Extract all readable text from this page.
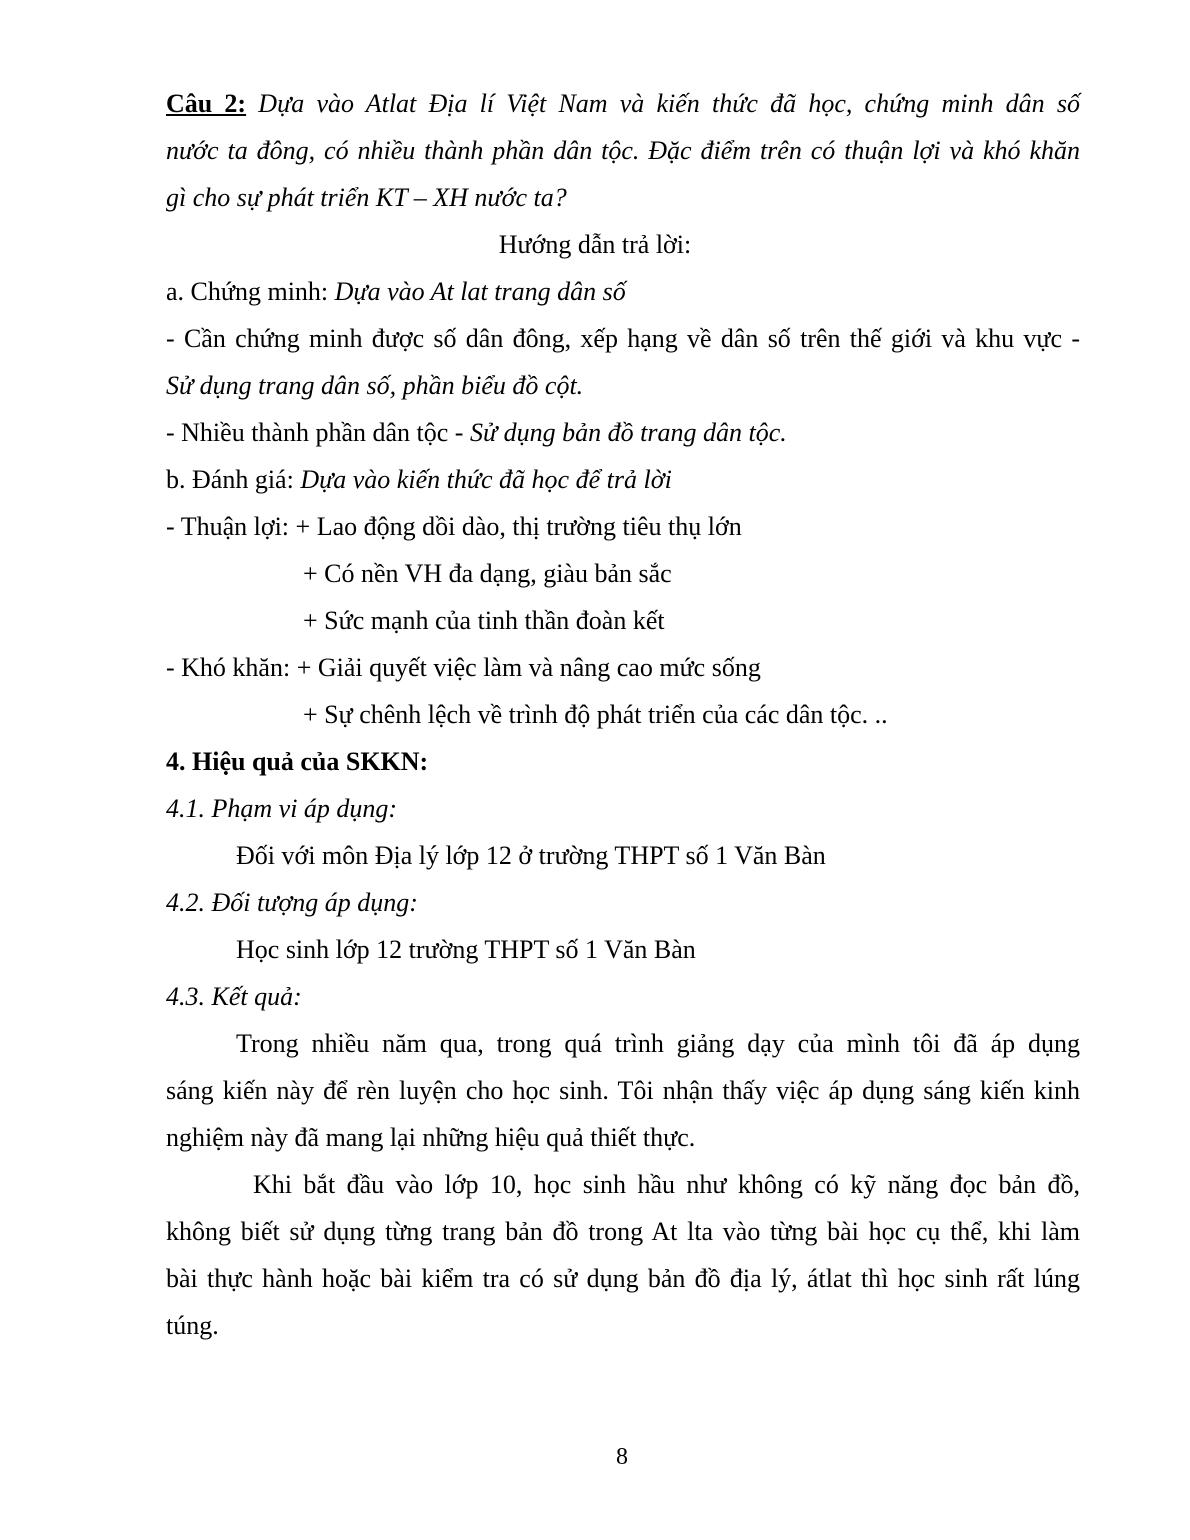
Câu 2: Dựa vào Atlat Địa lí Việt Nam và kiến thức đã học, chứng minh dân số
nước ta đông, có nhiều thành phần dân tộc. Đặc điểm trên có thuận lợi và khó khăn
gì cho sự phát triển KT – XH nước ta?
Hướng dẫn trả lời:
a. Chứng minh: Dựa vào At lat trang dân số
- Cần chứng minh được số dân đông, xếp hạng về dân số trên thế giới và khu vực -
Sử dụng trang dân số, phần biểu đồ cột.
- Nhiều thành phần dân tộc - Sử dụng bản đồ trang dân tộc.
b. Đánh giá: Dựa vào kiến thức đã học để trả lời
- Thuận lợi: + Lao động dồi dào, thị trường tiêu thụ lớn
+ Có nền VH đa dạng, giàu bản sắc
+ Sức mạnh của tinh thần đoàn kết
- Khó khăn: + Giải quyết việc làm và nâng cao mức sống
+ Sự chênh lệch về trình độ phát triển của các dân tộc. ..
4. Hiệu quả của SKKN:
4.1. Phạm vi áp dụng:
Đối với môn Địa lý lớp 12 ở trường THPT số 1 Văn Bàn
4.2. Đối tượng áp dụng:
Học sinh lớp 12 trường THPT số 1 Văn Bàn
4.3. Kết quả:
Trong nhiều năm qua, trong quá trình giảng dạy của mình tôi đã áp dụng
sáng kiến này để rèn luyện cho học sinh. Tôi nhận thấy việc áp dụng sáng kiến kinh
nghiệm này đã mang lại những hiệu quả thiết thực.
Khi bắt đầu vào lớp 10, học sinh hầu như không có kỹ năng đọc bản đồ,
không biết sử dụng từng trang bản đồ trong At lta vào từng bài học cụ thể, khi làm
bài thực hành hoặc bài kiểm tra có sử dụng bản đồ địa lý, átlat thì học sinh rất lúng
túng.
8
